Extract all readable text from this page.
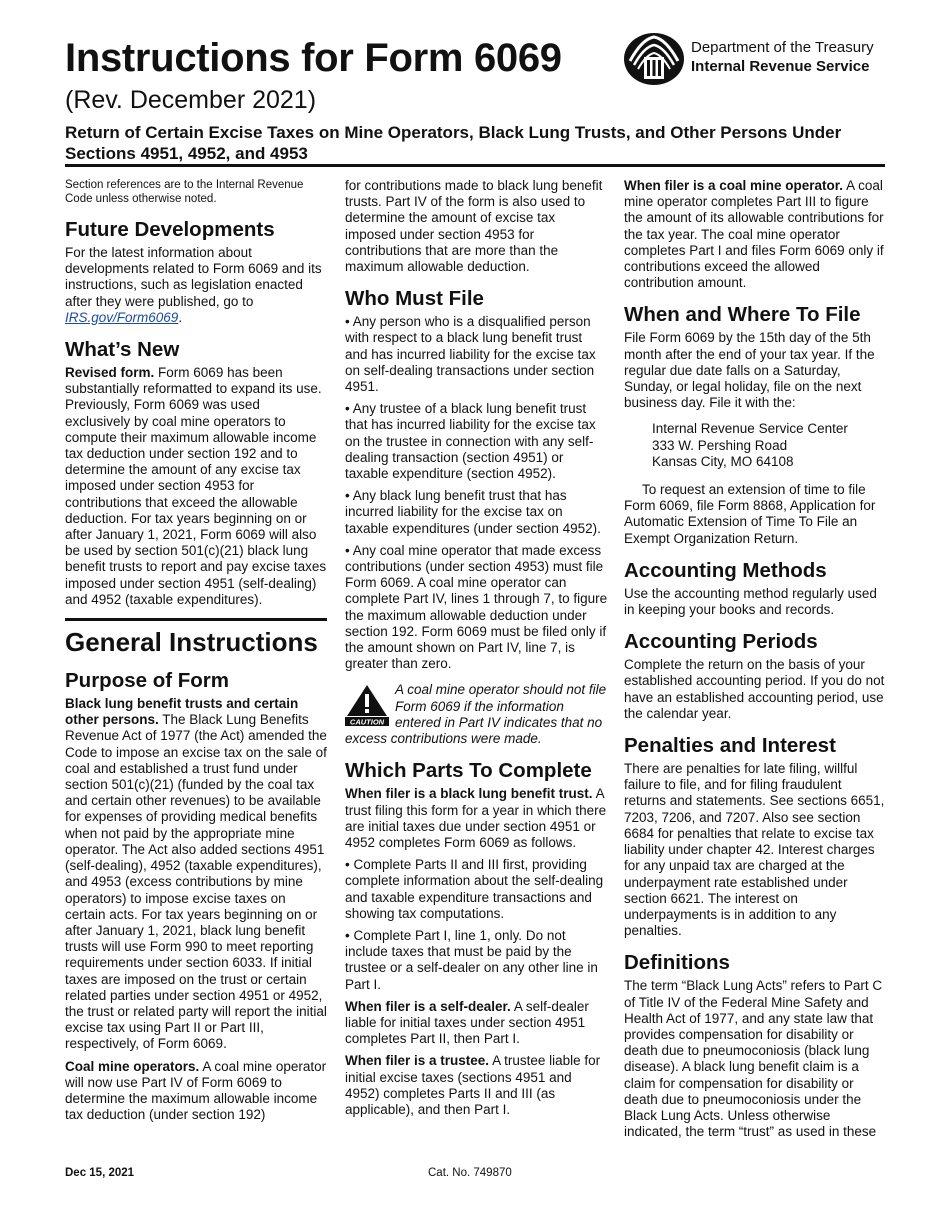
Instructions for Form 6069
(Rev. December 2021)
Return of Certain Excise Taxes on Mine Operators, Black Lung Trusts, and Other Persons Under Sections 4951, 4952, and 4953
Department of the Treasury
Internal Revenue Service

Section references are to the Internal Revenue Code unless otherwise noted.

Future Developments

For the latest information about developments related to Form 6069 and its instructions, such as legislation enacted after they were published, go to IRS.gov/Form6069.

What’s New

Revised form. Form 6069 has been substantially reformatted to expand its use. Previously, Form 6069 was used exclusively by coal mine operators to compute their maximum allowable income tax deduction under section 192 and to determine the amount of any excise tax imposed under section 4953 for contributions that exceed the allowable deduction. For tax years beginning on or after January 1, 2021, Form 6069 will also be used by section 501(c)(21) black lung benefit trusts to report and pay excise taxes imposed under section 4951 (self-dealing) and 4952 (taxable expenditures).

General Instructions
Purpose of Form

Black lung benefit trusts and certain other persons. The Black Lung Benefits Revenue Act of 1977 (the Act) amended the Code to impose an excise tax on the sale of coal and established a trust fund under section 501(c)(21) (funded by the coal tax and certain other revenues) to be available for expenses of providing medical benefits when not paid by the appropriate mine operator. The Act also added sections 4951 (self-dealing), 4952 (taxable expenditures), and 4953 (excess contributions by mine operators) to impose excise taxes on certain acts. For tax years beginning on or after January 1, 2021, black lung benefit trusts will use Form 990 to meet reporting requirements under section 6033. If initial taxes are imposed on the trust or certain related parties under section 4951 or 4952, the trust or related party will report the initial excise tax using Part II or Part III, respectively, of Form 6069.

Coal mine operators. A coal mine operator will now use Part IV of Form 6069 to determine the maximum allowable income tax deduction (under section 192)

for contributions made to black lung benefit trusts. Part IV of the form is also used to determine the amount of excise tax imposed under section 4953 for contributions that are more than the maximum allowable deduction.

Who Must File

• Any person who is a disqualified person with respect to a black lung benefit trust and has incurred liability for the excise tax on self-dealing transactions under section 4951.

• Any trustee of a black lung benefit trust that has incurred liability for the excise tax on the trustee in connection with any self-dealing transaction (section 4951) or taxable expenditure (section 4952).

• Any black lung benefit trust that has incurred liability for the excise tax on taxable expenditures (under section 4952).

• Any coal mine operator that made excess contributions (under section 4953) must file Form 6069. A coal mine operator can complete Part IV, lines 1 through 7, to figure the maximum allowable deduction under section 192. Form 6069 must be filed only if the amount shown on Part IV, line 7, is greater than zero.

CAUTION
A coal mine operator should not file Form 6069 if the information entered in Part IV indicates that no excess contributions were made.
Which Parts To Complete

When filer is a black lung benefit trust. A trust filing this form for a year in which there are initial taxes due under section 4951 or 4952 completes Form 6069 as follows.

• Complete Parts II and III first, providing complete information about the self-dealing and taxable expenditure transactions and showing tax computations.

• Complete Part I, line 1, only. Do not include taxes that must be paid by the trustee or a self-dealer on any other line in Part I.

When filer is a self-dealer. A self-dealer liable for initial taxes under section 4951 completes Part II, then Part I.

When filer is a trustee. A trustee liable for initial excise taxes (sections 4951 and 4952) completes Parts II and III (as applicable), and then Part I.

When filer is a coal mine operator. A coal mine operator completes Part III to figure the amount of its allowable contributions for the tax year. The coal mine operator completes Part I and files Form 6069 only if contributions exceed the allowed contribution amount.

When and Where To File

File Form 6069 by the 15th day of the 5th month after the end of your tax year. If the regular due date falls on a Saturday, Sunday, or legal holiday, file on the next business day. File it with the:

Internal Revenue Service Center
333 W. Pershing Road
Kansas City, MO 64108

To request an extension of time to file Form 6069, file Form 8868, Application for Automatic Extension of Time To File an Exempt Organization Return.

Accounting Methods

Use the accounting method regularly used in keeping your books and records.

Accounting Periods

Complete the return on the basis of your established accounting period. If you do not have an established accounting period, use the calendar year.

Penalties and Interest

There are penalties for late filing, willful failure to file, and for filing fraudulent returns and statements. See sections 6651, 7203, 7206, and 7207. Also see section 6684 for penalties that relate to excise tax liability under chapter 42. Interest charges for any unpaid tax are charged at the underpayment rate established under section 6621. The interest on underpayments is in addition to any penalties.

Definitions

The term “Black Lung Acts” refers to Part C of Title IV of the Federal Mine Safety and Health Act of 1977, and any state law that provides compensation for disability or death due to pneumoconiosis (black lung disease). A black lung benefit claim is a claim for compensation for disability or death due to pneumoconiosis under the Black Lung Acts. Unless otherwise indicated, the term “trust” as used in these

Dec 15, 2021	Cat. No. 749870
